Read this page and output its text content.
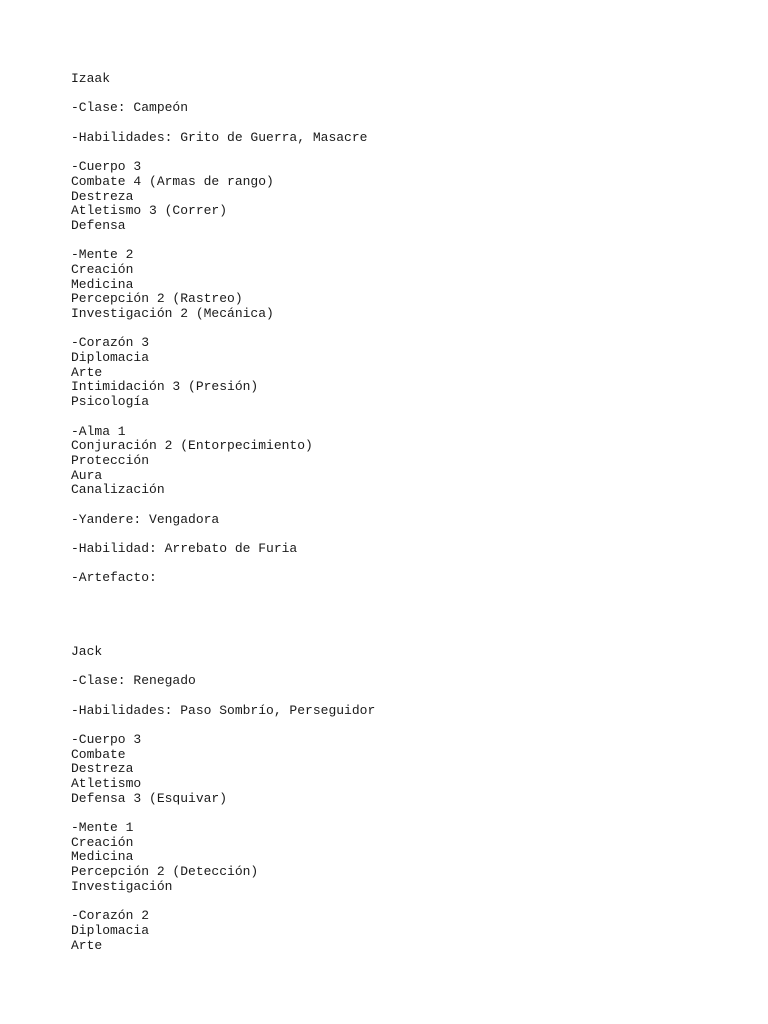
Izaak
-Clase: Campeón
-Habilidades: Grito de Guerra, Masacre
-Cuerpo 3
Combate 4 (Armas de rango)
Destreza
Atletismo 3 (Correr)
Defensa
-Mente 2
Creación
Medicina
Percepción 2 (Rastreo)
Investigación 2 (Mecánica)
-Corazón 3
Diplomacia
Arte
Intimidación 3 (Presión)
Psicología
-Alma 1
Conjuración 2 (Entorpecimiento)
Protección
Aura
Canalización
-Yandere: Vengadora
-Habilidad: Arrebato de Furia
-Artefacto:
Jack
-Clase: Renegado
-Habilidades: Paso Sombrío, Perseguidor
-Cuerpo 3
Combate
Destreza
Atletismo
Defensa 3 (Esquivar)
-Mente 1
Creación
Medicina
Percepción 2 (Detección)
Investigación
-Corazón 2
Diplomacia
Arte
